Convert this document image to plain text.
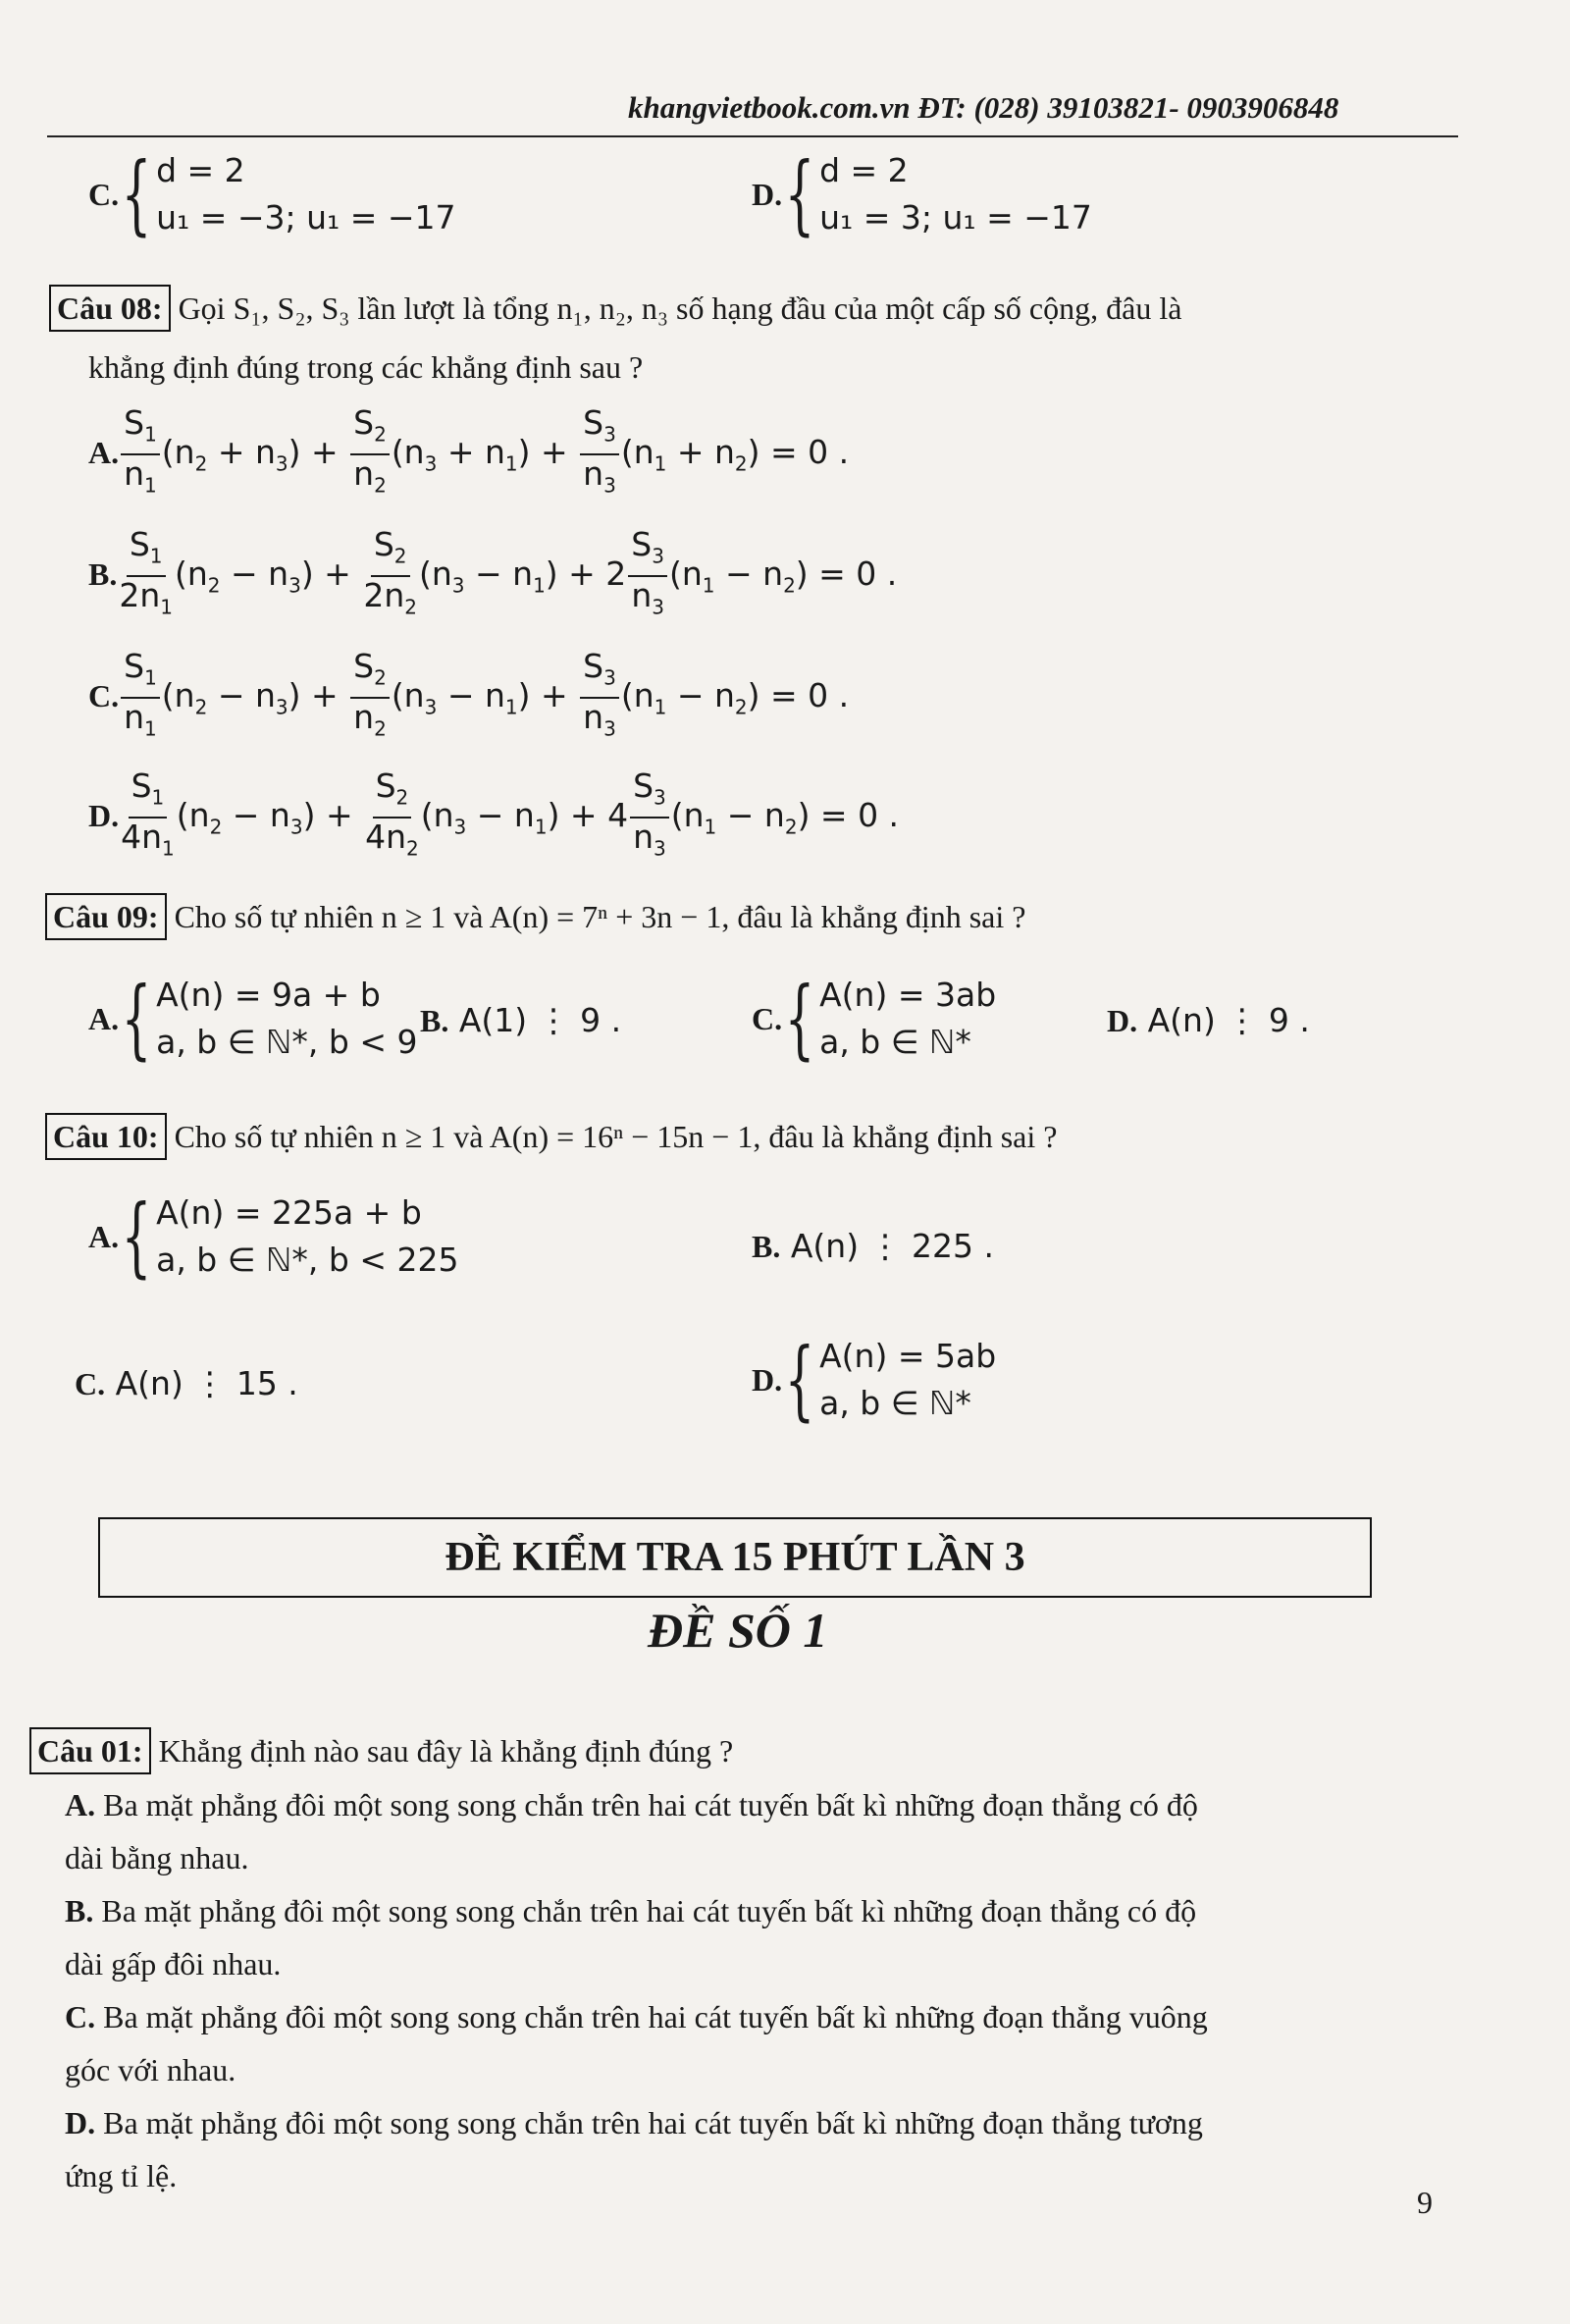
khangvietbook.com.vn ĐT: (028) 39103821- 0903906848
C. { d = 2
u₁ = −3; u₁ = −17
D. { d = 2
u₁ = 3; u₁ = −17
Câu 08: Gọi S₁, S₂, S₃ lần lượt là tổng n₁, n₂, n₃ số hạng đầu của một cấp số cộng, đâu là
khẳng định đúng trong các khẳng định sau ?
A. $\frac{S_1}{n_1} (n_2 + n_3) + \frac{S_2}{n_2} (n_3 + n_1) + \frac{S_3}{n_3} (n_1 + n_2) = 0$ .
B. $\frac{S_1}{2n_1} (n_2 - n_3) + \frac{S_2}{2n_2} (n_3 - n_1) + 2 \frac{S_3}{n_3} (n_1 - n_2) = 0$ .
C. $\frac{S_1}{n_1} (n_2 - n_3) + \frac{S_2}{n_2} (n_3 - n_1) + \frac{S_3}{n_3} (n_1 - n_2) = 0$ .
D. $\frac{S_1}{4n_1} (n_2 - n_3) + \frac{S_2}{4n_2} (n_3 - n_1) + 4 \frac{S_3}{n_3} (n_1 - n_2) = 0$ .
Câu 09: Cho số tự nhiên n ≥ 1 và A(n) = 7ⁿ + 3n − 1, đâu là khẳng định sai ?
A. { A(n) = 9a + b
a, b ∈ ℕ*, b < 9
B. A(1) ⋮ 9 .	C. { A(n) = 3ab
a, b ∈ ℕ*
D. A(n) ⋮ 9 .
Câu 10: Cho số tự nhiên n ≥ 1 và A(n) = 16ⁿ − 15n − 1, đâu là khẳng định sai ?
A. { A(n) = 225a + b
a, b ∈ ℕ*, b < 225	B. A(n) ⋮ 225 .
C. A(n) ⋮ 15 .	D. { A(n) = 5ab
a, b ∈ ℕ*
ĐỀ KIỂM TRA 15 PHÚT LẦN 3
ĐỀ SỐ 1
Câu 01: Khẳng định nào sau đây là khẳng định đúng ?
A. Ba mặt phẳng đôi một song song chắn trên hai cát tuyến bất kì những đoạn thẳng có độ
dài bằng nhau.
B. Ba mặt phẳng đôi một song song chắn trên hai cát tuyến bất kì những đoạn thẳng có độ
dài gấp đôi nhau.
C. Ba mặt phẳng đôi một song song chắn trên hai cát tuyến bất kì những đoạn thẳng vuông
góc với nhau.
D. Ba mặt phẳng đôi một song song chắn trên hai cát tuyến bất kì những đoạn thẳng tương
ứng tỉ lệ.
9
